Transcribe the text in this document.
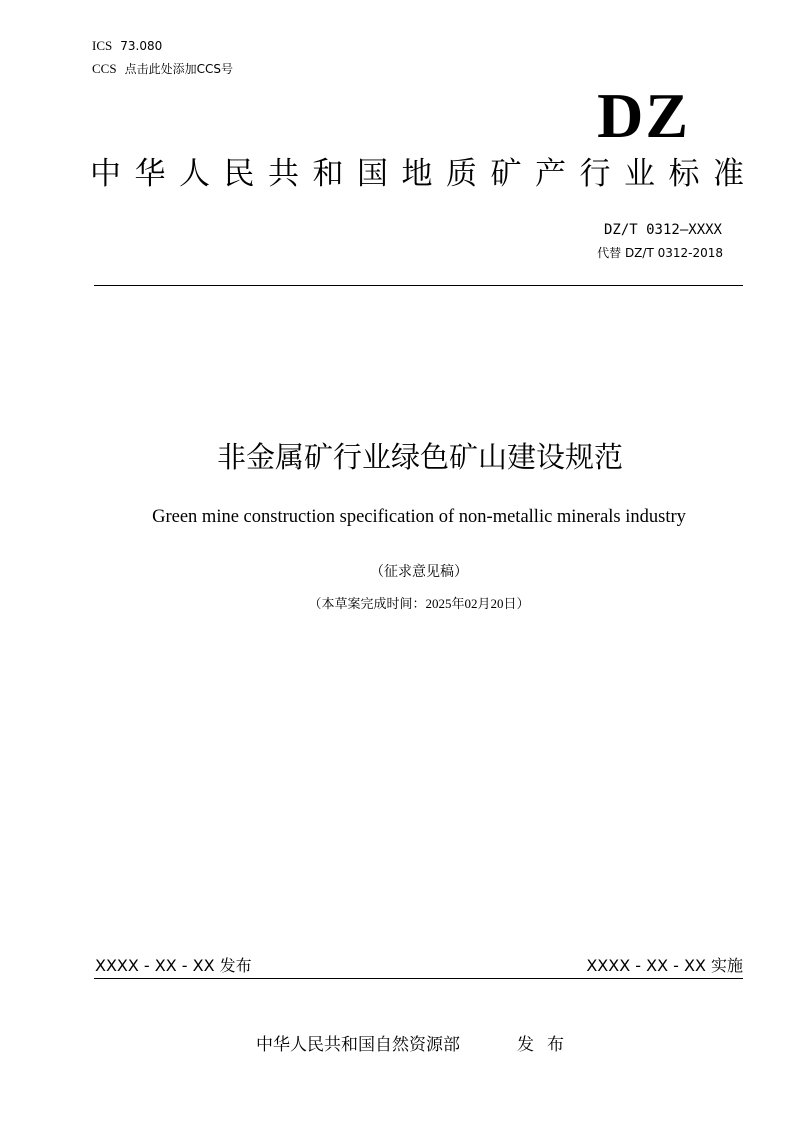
ICS 73.080
CCS 点击此处添加CCS号
DZ
中华人民共和国地质矿产行业标准
DZ/T 0312—XXXX
代替 DZ/T 0312-2018
非金属矿行业绿色矿山建设规范
Green mine construction specification of non-metallic minerals industry
（征求意见稿）
（本草案完成时间：2025年02月20日）
XXXX - XX - XX 发布	XXXX - XX - XX 实施
中华人民共和国自然资源部	发布
